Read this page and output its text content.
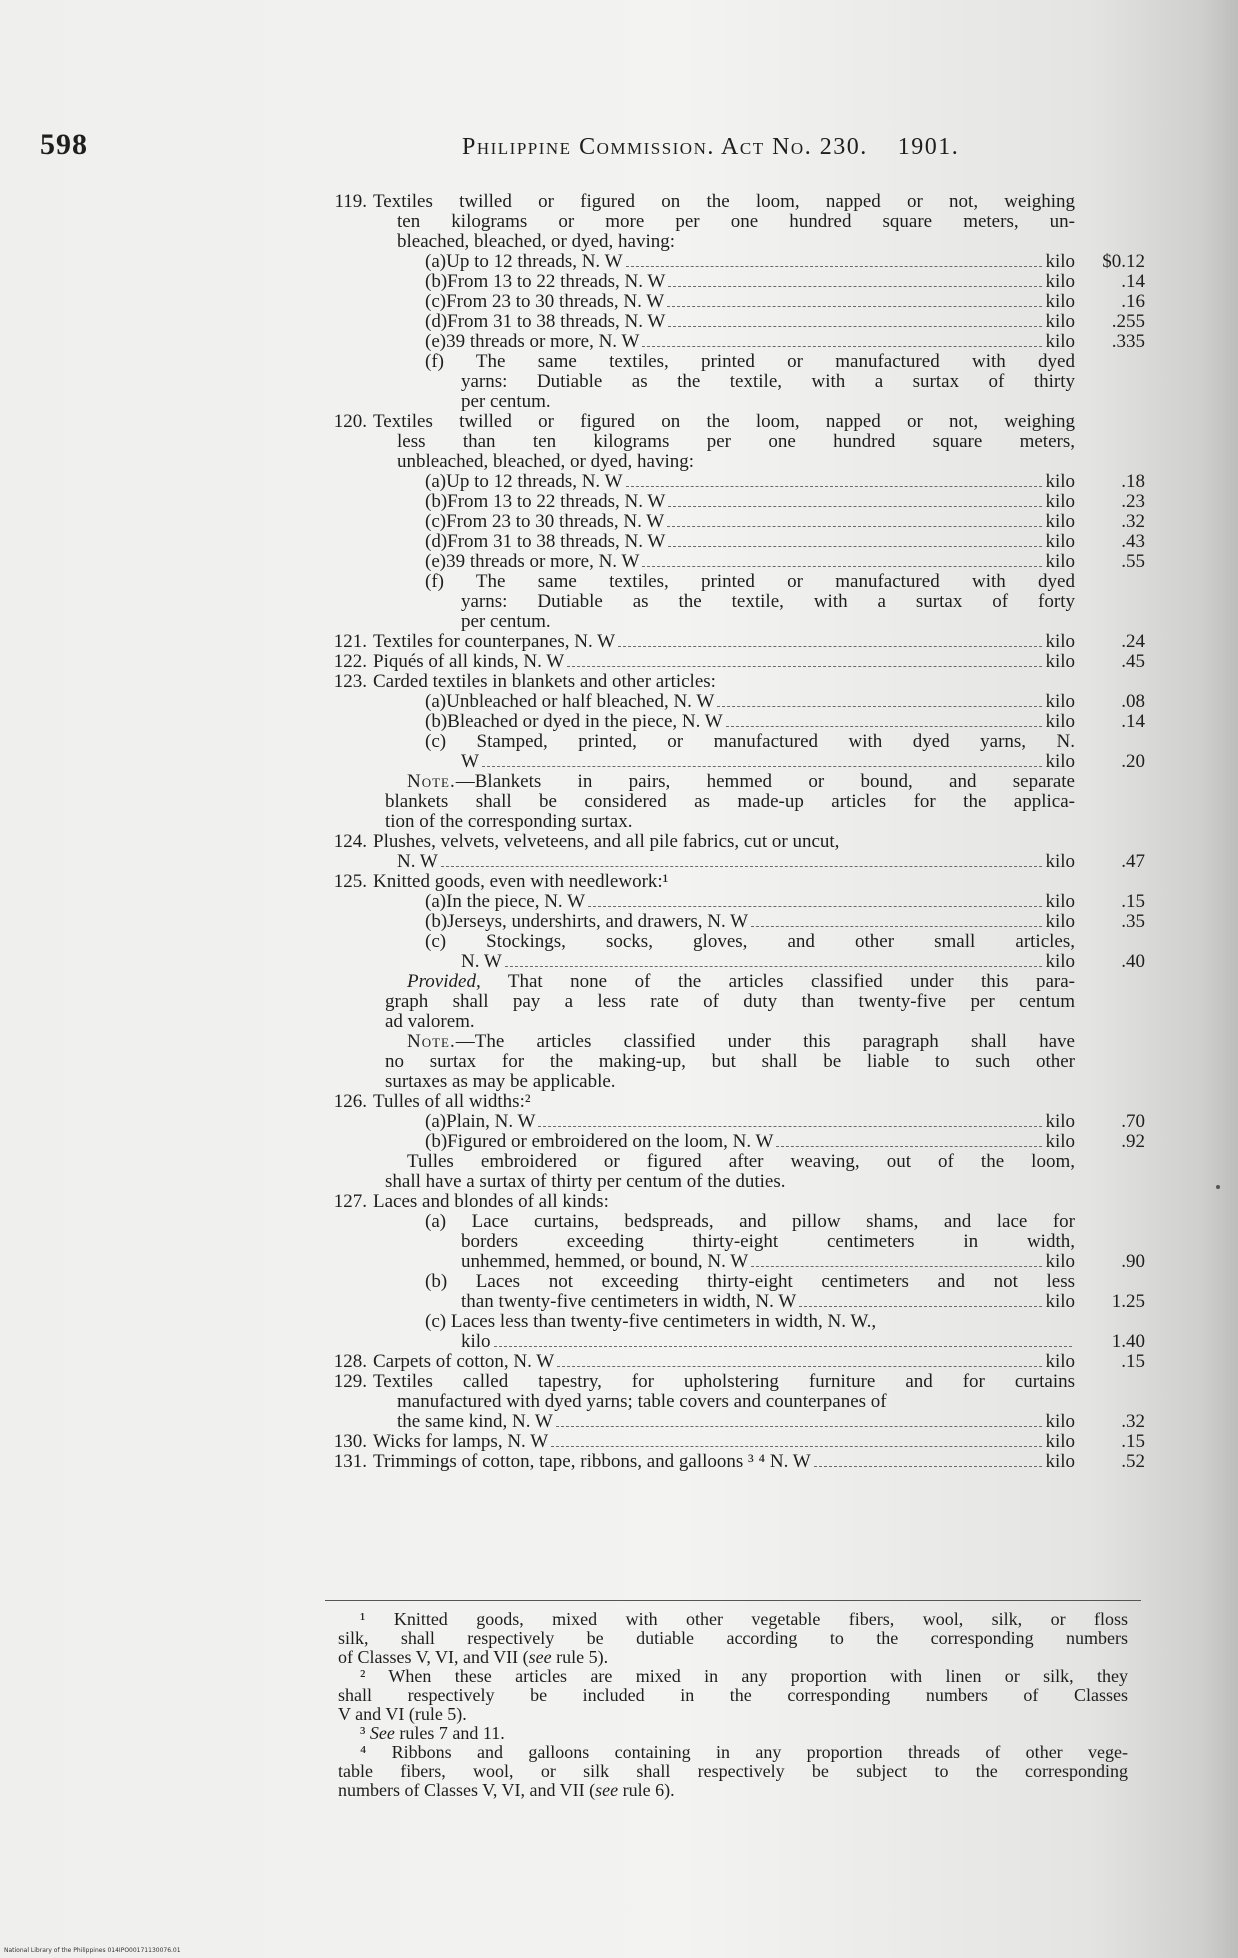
598	Philippine Commission. Act No. 230. 1901.
119. Textiles twilled or figured on the loom, napped or not, weighing
ten kilograms or more per one hundred square meters, un-
bleached, bleached, or dyed, having:
(a) Up to 12 threads, N. W	kilo	$0.12
(b) From 13 to 22 threads, N. W	kilo	.14
(c) From 23 to 30 threads, N. W	kilo	.16
(d) From 31 to 38 threads, N. W	kilo	.255
(e) 39 threads or more, N. W	kilo	.335
(f) The same textiles, printed or manufactured with dyed
yarns: Dutiable as the textile, with a surtax of thirty
per centum.
120. Textiles twilled or figured on the loom, napped or not, weighing
less than ten kilograms per one hundred square meters,
unbleached, bleached, or dyed, having:
(a) Up to 12 threads, N. W	kilo	.18
(b) From 13 to 22 threads, N. W	kilo	.23
(c) From 23 to 30 threads, N. W	kilo	.32
(d) From 31 to 38 threads, N. W	kilo	.43
(e) 39 threads or more, N. W	kilo	.55
(f) The same textiles, printed or manufactured with dyed
yarns: Dutiable as the textile, with a surtax of forty
per centum.
121. Textiles for counterpanes, N. W	kilo	.24
122. Piqués of all kinds, N. W	kilo	.45
123. Carded textiles in blankets and other articles:
(a) Unbleached or half bleached, N. W	kilo	.08
(b) Bleached or dyed in the piece, N. W	kilo	.14
(c) Stamped, printed, or manufactured with dyed yarns, N.
W	kilo	.20
Note.—Blankets in pairs, hemmed or bound, and separate
blankets shall be considered as made-up articles for the applica-
tion of the corresponding surtax.
124. Plushes, velvets, velveteens, and all pile fabrics, cut or uncut,
N. W	kilo	.47
125. Knitted goods, even with needlework:¹
(a) In the piece, N. W	kilo	.15
(b) Jerseys, undershirts, and drawers, N. W	kilo	.35
(c) Stockings, socks, gloves, and other small articles,
N. W	kilo	.40
Provided, That none of the articles classified under this para-
graph shall pay a less rate of duty than twenty-five per centum
ad valorem.
Note.—The articles classified under this paragraph shall have
no surtax for the making-up, but shall be liable to such other
surtaxes as may be applicable.
126. Tulles of all widths:²
(a) Plain, N. W	kilo	.70
(b) Figured or embroidered on the loom, N. W	kilo	.92
Tulles embroidered or figured after weaving, out of the loom,
shall have a surtax of thirty per centum of the duties.
127. Laces and blondes of all kinds:
(a) Lace curtains, bedspreads, and pillow shams, and lace for
borders exceeding thirty-eight centimeters in width,
unhemmed, hemmed, or bound, N. W	kilo	.90
(b) Laces not exceeding thirty-eight centimeters and not less
than twenty-five centimeters in width, N. W	kilo	1.25
(c) Laces less than twenty-five centimeters in width, N. W.,
kilo	1.40
128. Carpets of cotton, N. W	kilo	.15
129. Textiles called tapestry, for upholstering furniture and for curtains
manufactured with dyed yarns; table covers and counterpanes of
the same kind, N. W	kilo	.32
130. Wicks for lamps, N. W	kilo	.15
131. Trimmings of cotton, tape, ribbons, and galloons ³ ⁴ N. W	kilo	.52
¹ Knitted goods, mixed with other vegetable fibers, wool, silk, or floss
silk, shall respectively be dutiable according to the corresponding numbers
of Classes V, VI, and VII (see rule 5).
² When these articles are mixed in any proportion with linen or silk, they
shall respectively be included in the corresponding numbers of Classes
V and VI (rule 5).
³ See rules 7 and 11.
⁴ Ribbons and galloons containing in any proportion threads of other vege-
table fibers, wool, or silk shall respectively be subject to the corresponding
numbers of Classes V, VI, and VII (see rule 6).
National Library of the Philippines 014IPO00171130076.01
